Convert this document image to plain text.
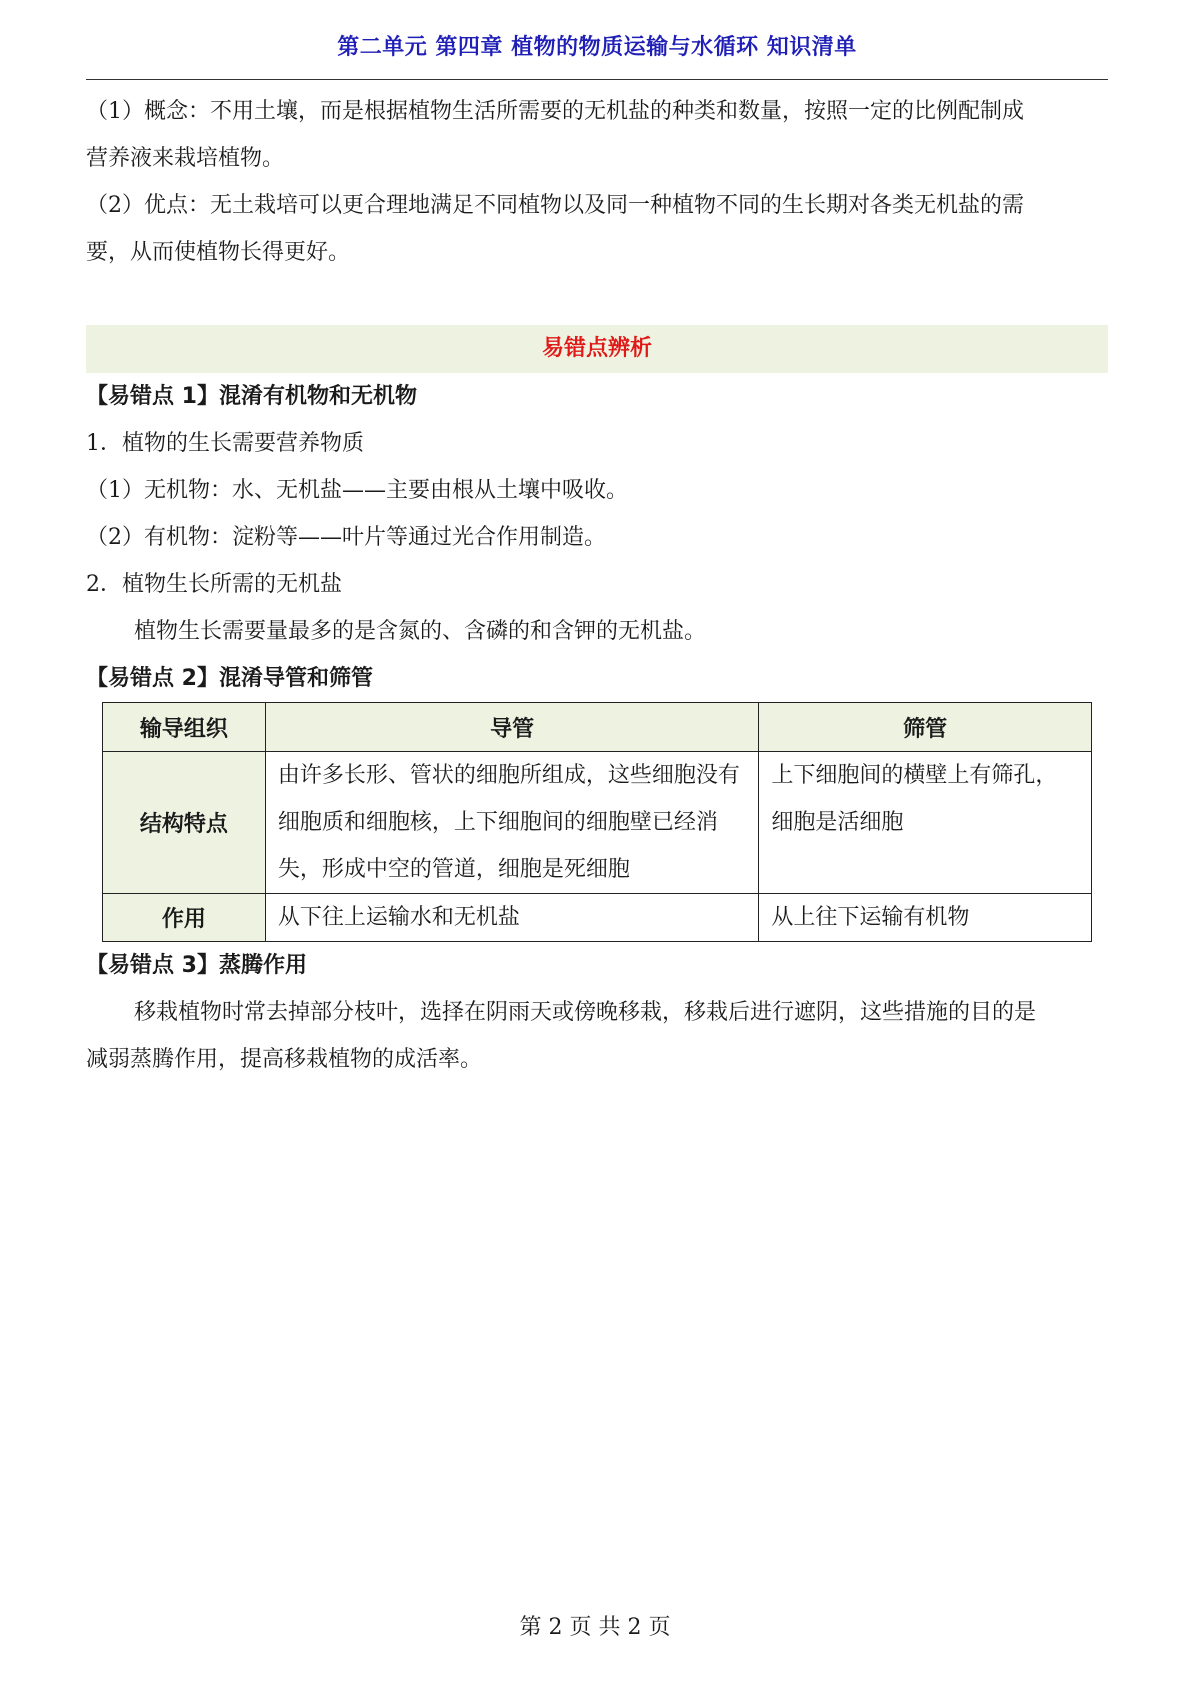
第二单元 第四章 植物的物质运输与水循环 知识清单

（1）概念：不用土壤，而是根据植物生活所需要的无机盐的种类和数量，按照一定的比例配制成

营养液来栽培植物。

（2）优点：无土栽培可以更合理地满足不同植物以及同一种植物不同的生长期对各类无机盐的需

要，从而使植物长得更好。

易错点辨析
【易错点 1】混淆有机物和无机物

1．植物的生长需要营养物质

（1）无机物：水、无机盐——主要由根从土壤中吸收。

（2）有机物：淀粉等——叶片等通过光合作用制造。

2．植物生长所需的无机盐

植物生长需要量最多的是含氮的、含磷的和含钾的无机盐。

【易错点 2】混淆导管和筛管
输导组织	导管	筛管
结构特点	由许多长形、管状的细胞所组成，这些细胞没有细胞质和细胞核，上下细胞间的细胞壁已经消失，形成中空的管道，细胞是死细胞	上下细胞间的横壁上有筛孔，细胞是活细胞
作用	从下往上运输水和无机盐	从上往下运输有机物
【易错点 3】蒸腾作用

移栽植物时常去掉部分枝叶，选择在阴雨天或傍晚移栽，移栽后进行遮阴，这些措施的目的是

减弱蒸腾作用，提高移栽植物的成活率。

第 2 页 共 2 页
